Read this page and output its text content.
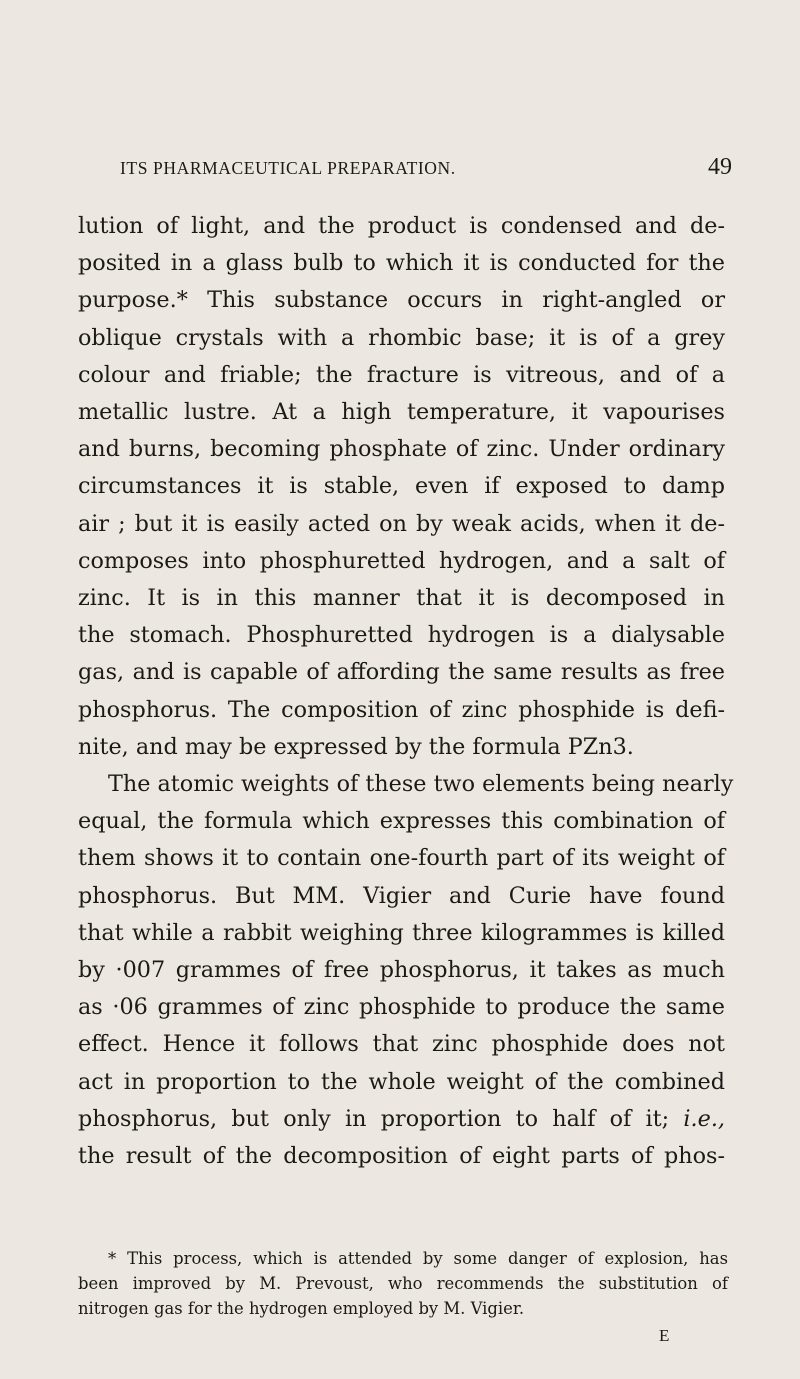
ITS PHARMACEUTICAL PREPARATION.	49
lution of light, and the product is condensed and de-
posited in a glass bulb to which it is conducted for the
purpose.* This substance occurs in right-angled or
oblique crystals with a rhombic base; it is of a grey
colour and friable; the fracture is vitreous, and of a
metallic lustre. At a high temperature, it vapourises
and burns, becoming phosphate of zinc. Under ordinary
circumstances it is stable, even if exposed to damp
air ; but it is easily acted on by weak acids, when it de-
composes into phosphuretted hydrogen, and a salt of
zinc. It is in this manner that it is decomposed in
the stomach. Phosphuretted hydrogen is a dialysable
gas, and is capable of affording the same results as free
phosphorus. The composition of zinc phosphide is defi-
nite, and may be expressed by the formula PZn3.
The atomic weights of these two elements being nearly
equal, the formula which expresses this combination of
them shows it to contain one-fourth part of its weight of
phosphorus. But MM. Vigier and Curie have found
that while a rabbit weighing three kilogrammes is killed
by ·007 grammes of free phosphorus, it takes as much
as ·06 grammes of zinc phosphide to produce the same
effect. Hence it follows that zinc phosphide does not
act in proportion to the whole weight of the combined
phosphorus, but only in proportion to half of it; i.e.,
the result of the decomposition of eight parts of phos-
* This process, which is attended by some danger of explosion, has
been improved by M. Prevoust, who recommends the substitution of
nitrogen gas for the hydrogen employed by M. Vigier.
E
